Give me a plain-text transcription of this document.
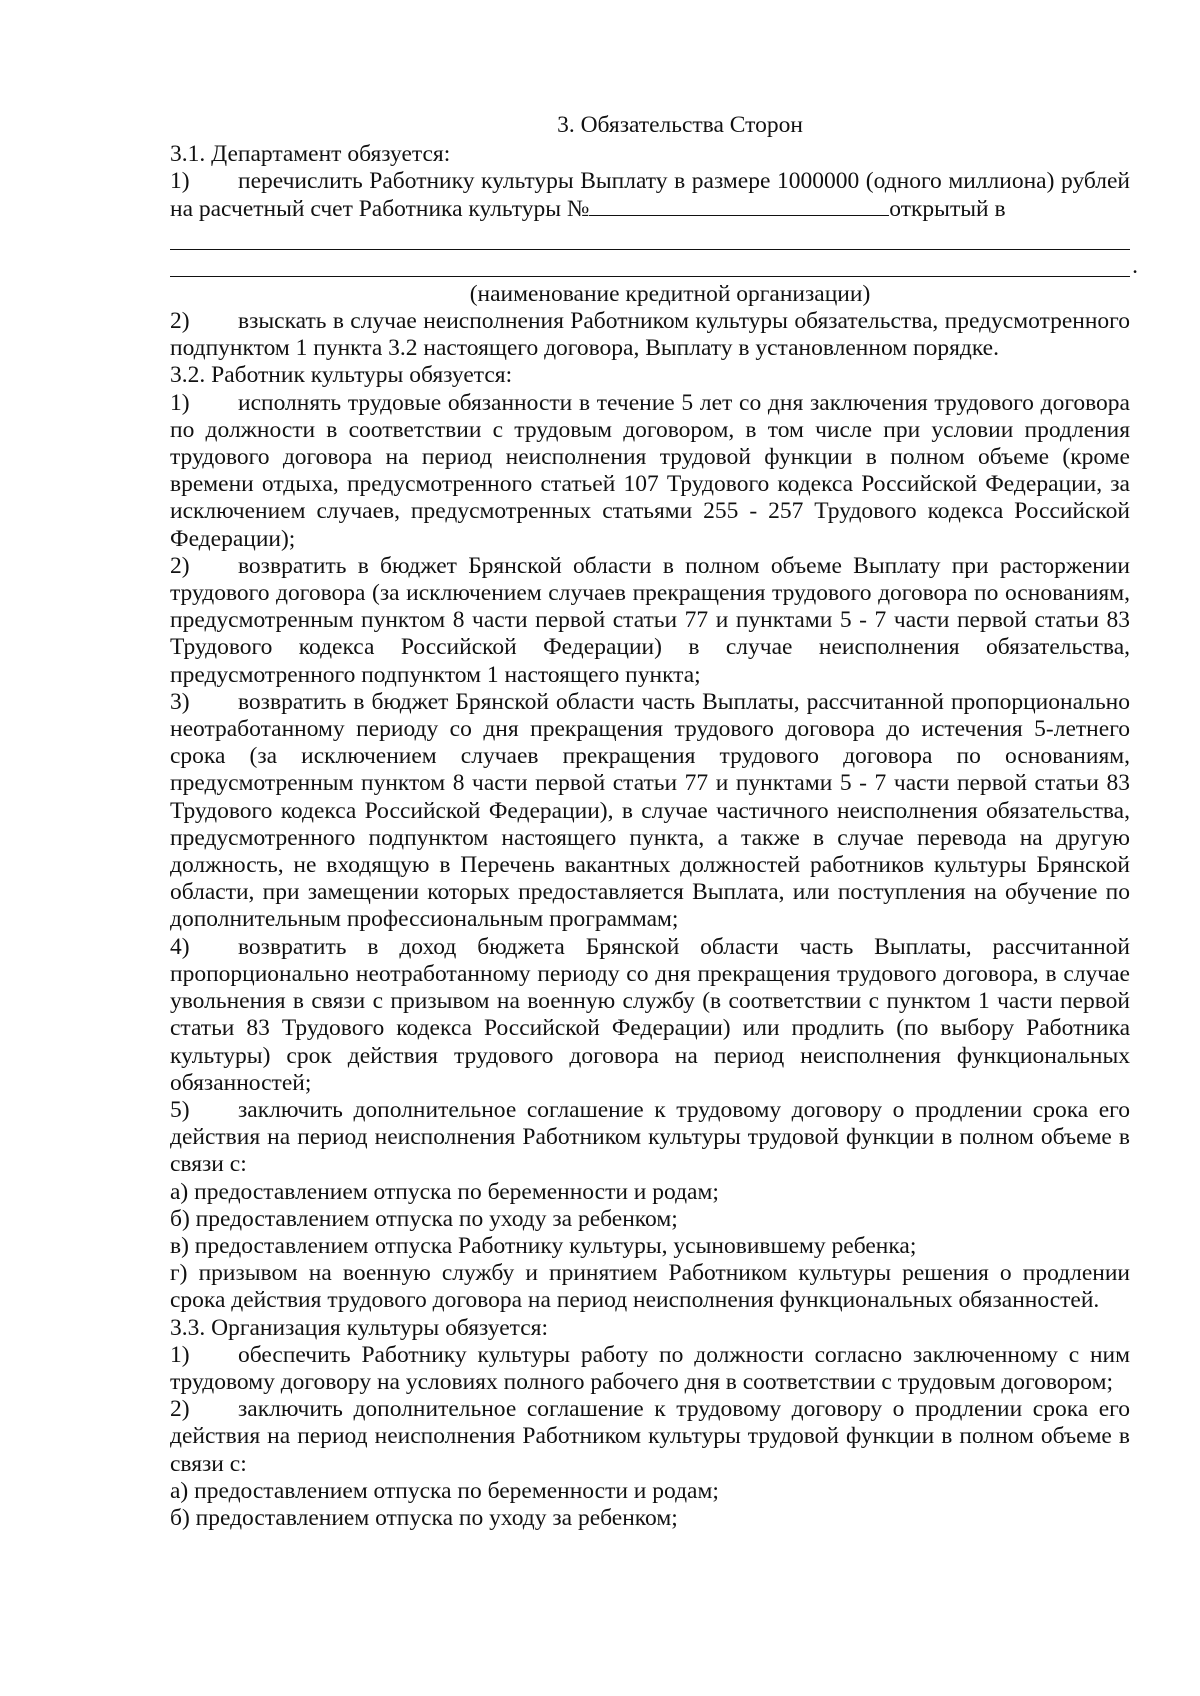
3. Обязательства Сторон

3.1. Департамент обязуется:

1) перечислить Работнику культуры Выплату в размере 1000000 (одного миллиона) рублей на расчетный счет Работника культуры №	открытый в

.

(наименование кредитной организации)

2) взыскать в случае неисполнения Работником культуры обязательства, предусмотренного подпунктом 1 пункта 3.2 настоящего договора, Выплату в установленном порядке.

3.2. Работник культуры обязуется:

1) исполнять трудовые обязанности в течение 5 лет со дня заключения трудового договора по должности в соответствии с трудовым договором, в том числе при условии продления трудового договора на период неисполнения трудовой функции в полном объеме (кроме времени отдыха, предусмотренного статьей 107 Трудового кодекса Российской Федерации, за исключением случаев, предусмотренных статьями 255 - 257 Трудового кодекса Российской Федерации);

2) возвратить в бюджет Брянской области в полном объеме Выплату при расторжении трудового договора (за исключением случаев прекращения трудового договора по основаниям, предусмотренным пунктом 8 части первой статьи 77 и пунктами 5 - 7 части первой статьи 83 Трудового кодекса Российской Федерации) в случае неисполнения обязательства, предусмотренного подпунктом 1 настоящего пункта;

3) возвратить в бюджет Брянской области часть Выплаты, рассчитанной пропорционально неотработанному периоду со дня прекращения трудового договора до истечения 5-летнего срока (за исключением случаев прекращения трудового договора по основаниям, предусмотренным пунктом 8 части первой статьи 77 и пунктами 5 - 7 части первой статьи 83 Трудового кодекса Российской Федерации), в случае частичного неисполнения обязательства, предусмотренного подпунктом настоящего пункта, а также в случае перевода на другую должность, не входящую в Перечень вакантных должностей работников культуры Брянской области, при замещении которых предоставляется Выплата, или поступления на обучение по дополнительным профессиональным программам;

4) возвратить в доход бюджета Брянской области часть Выплаты, рассчитанной пропорционально неотработанному периоду со дня прекращения трудового договора, в случае увольнения в связи с призывом на военную службу (в соответствии с пунктом 1 части первой статьи 83 Трудового кодекса Российской Федерации) или продлить (по выбору Работника культуры) срок действия трудового договора на период неисполнения функциональных обязанностей;

5) заключить дополнительное соглашение к трудовому договору о продлении срока его действия на период неисполнения Работником культуры трудовой функции в полном объеме в связи с:

а) предоставлением отпуска по беременности и родам;

б) предоставлением отпуска по уходу за ребенком;

в) предоставлением отпуска Работнику культуры, усыновившему ребенка;

г) призывом на военную службу и принятием Работником культуры решения о продлении срока действия трудового договора на период неисполнения функциональных обязанностей.

3.3. Организация культуры обязуется:

1) обеспечить Работнику культуры работу по должности согласно заключенному с ним трудовому договору на условиях полного рабочего дня в соответствии с трудовым договором;

2) заключить дополнительное соглашение к трудовому договору о продлении срока его действия на период неисполнения Работником культуры трудовой функции в полном объеме в связи с:

а) предоставлением отпуска по беременности и родам;

б) предоставлением отпуска по уходу за ребенком;
